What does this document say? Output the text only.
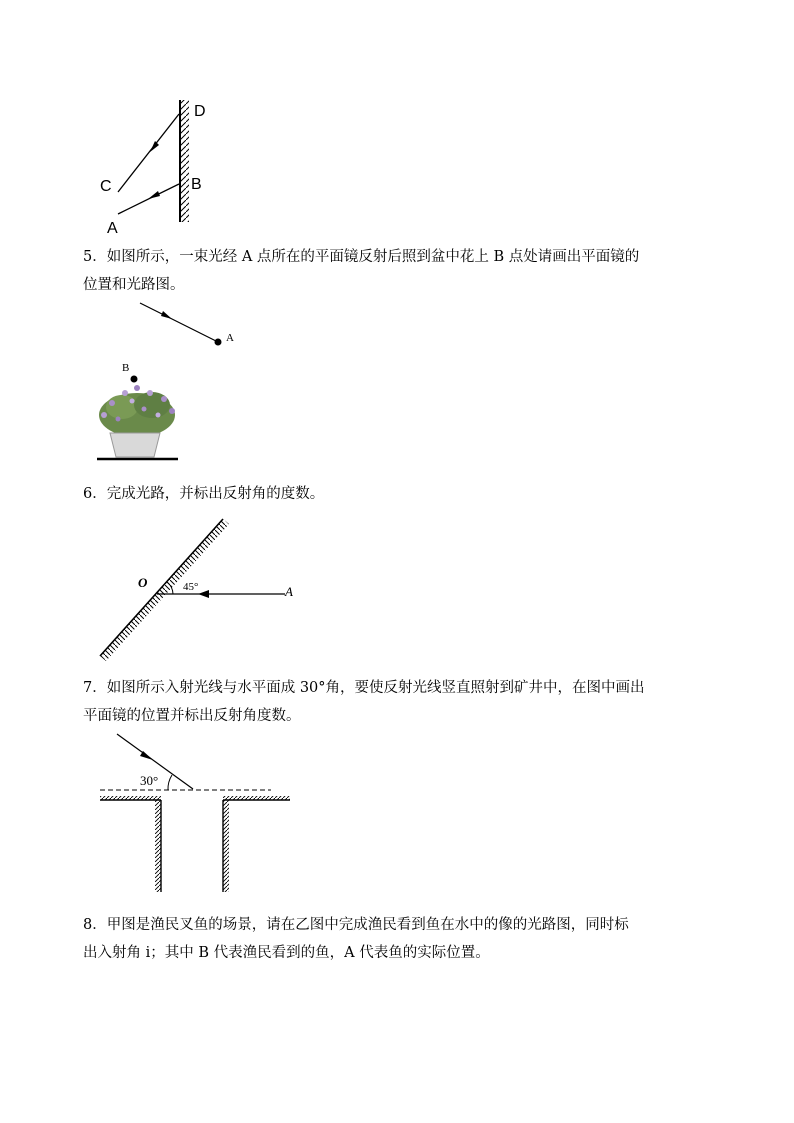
D
B
C
A

5．如图所示，一束光经 A 点所在的平面镜反射后照到盆中花上 B 点处请画出平面镜的
位置和光路图。

A
B

6．完成光路，并标出反射角的度数。

O	45°	A

7．如图所示入射光线与水平面成 30°角，要使反射光线竖直照射到矿井中，在图中画出
平面镜的位置并标出反射角度数。

30°

8．甲图是渔民叉鱼的场景，请在乙图中完成渔民看到鱼在水中的像的光路图，同时标
出入射角 i；其中 B 代表渔民看到的鱼，A 代表鱼的实际位置。
